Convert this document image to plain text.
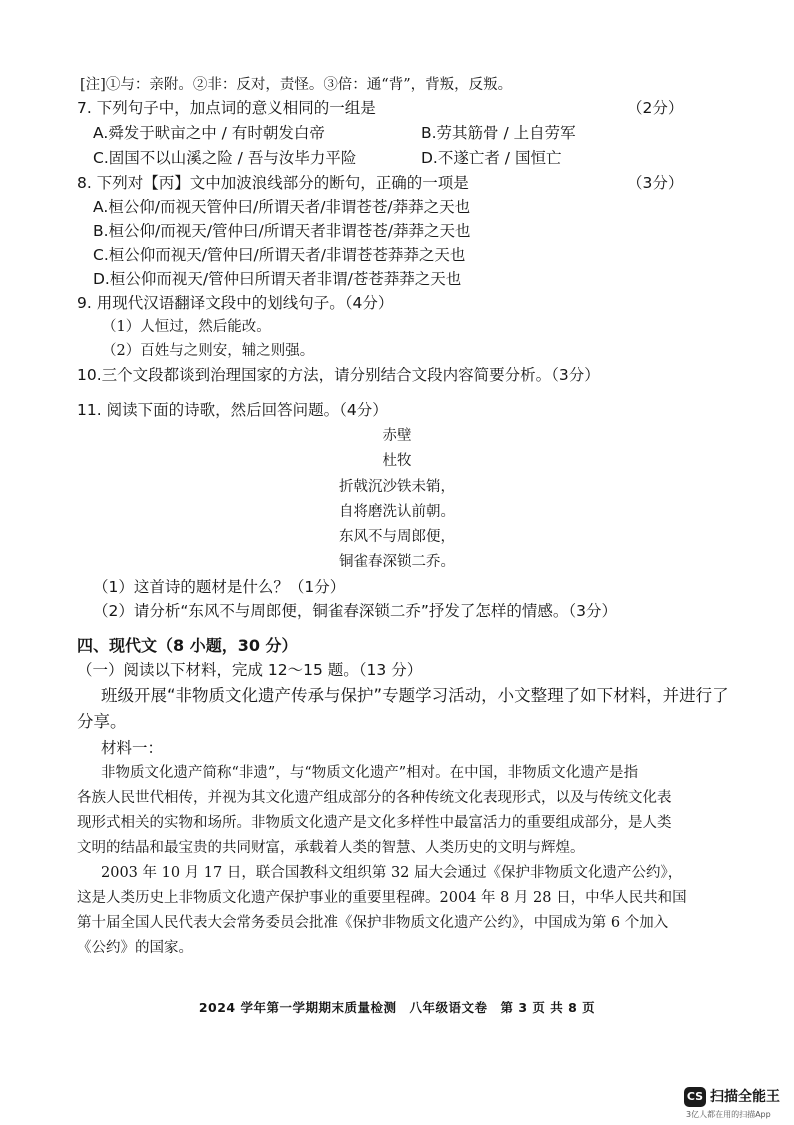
[注]①与：亲附。②非：反对，责怪。③倍：通“背”，背叛，反叛。
7. 下列句子中，加点词的意义相同的一组是	（2分）
A.舜发于畎亩之中 / 有时朝发白帝	B.劳其筋骨 / 上自劳军
C.固国不以山溪之险 / 吾与汝毕力平险	D.不遂亡者 / 国恒亡
8. 下列对【丙】文中加波浪线部分的断句，正确的一项是	（3分）
A.桓公仰/而视天管仲曰/所谓天者/非谓苍苍/莽莽之天也
B.桓公仰/而视天/管仲曰/所谓天者非谓苍苍/莽莽之天也
C.桓公仰而视天/管仲曰/所谓天者/非谓苍苍莽莽之天也
D.桓公仰而视天/管仲曰所谓天者非谓/苍苍莽莽之天也
9. 用现代汉语翻译文段中的划线句子。（4分）
（1）人恒过，然后能改。
（2）百姓与之则安，辅之则强。
10.三个文段都谈到治理国家的方法，请分别结合文段内容简要分析。（3分）
11. 阅读下面的诗歌，然后回答问题。（4分）
赤壁
杜牧
折戟沉沙铁未销，
自将磨洗认前朝。
东风不与周郎便，
铜雀春深锁二乔。
（1）这首诗的题材是什么？（1分）
（2）请分析“东风不与周郎便，铜雀春深锁二乔”抒发了怎样的情感。（3分）
四、现代文（8 小题，30 分）
（一）阅读以下材料，完成 12～15 题。（13 分）
班级开展“非物质文化遗产传承与保护”专题学习活动，小文整理了如下材料，并进行了
分享。
材料一：
非物质文化遗产简称“非遗”，与“物质文化遗产”相对。在中国，非物质文化遗产是指
各族人民世代相传，并视为其文化遗产组成部分的各种传统文化表现形式，以及与传统文化表
现形式相关的实物和场所。非物质文化遗产是文化多样性中最富活力的重要组成部分，是人类
文明的结晶和最宝贵的共同财富，承载着人类的智慧、人类历史的文明与辉煌。
2003 年 10 月 17 日，联合国教科文组织第 32 届大会通过《保护非物质文化遗产公约》，
这是人类历史上非物质文化遗产保护事业的重要里程碑。2004 年 8 月 28 日，中华人民共和国
第十届全国人民代表大会常务委员会批准《保护非物质文化遗产公约》，中国成为第 6 个加入
《公约》的国家。
2024 学年第一学期期末质量检测　八年级语文卷　第 3 页 共 8 页
CS 扫描全能王
3亿人都在用的扫描App
